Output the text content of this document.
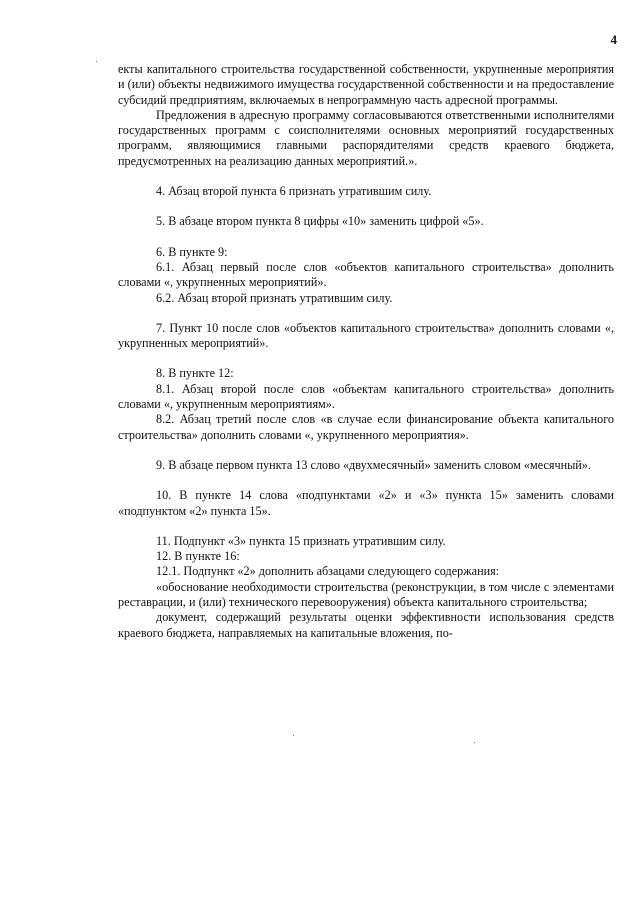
4

екты капитального строительства государственной собственности, укрупненные мероприятия и (или) объекты недвижимого имущества государственной собственности и на предоставление субсидий предприятиям, включаемых в непрограммную часть адресной программы.

Предложения в адресную программу согласовываются ответственными исполнителями государственных программ с соисполнителями основных мероприятий государственных программ, являющимися главными распорядителями средств краевого бюджета, предусмотренных на реализацию данных мероприятий.».

4. Абзац второй пункта 6 признать утратившим силу.

5. В абзаце втором пункта 8 цифры «10» заменить цифрой «5».

6. В пункте 9:

6.1. Абзац первый после слов «объектов капитального строительства» дополнить словами «, укрупненных мероприятий».

6.2. Абзац второй признать утратившим силу.

7. Пункт 10 после слов «объектов капитального строительства» дополнить словами «, укрупненных мероприятий».

8. В пункте 12:

8.1. Абзац второй после слов «объектам капитального строительства» дополнить словами «, укрупненным мероприятиям».

8.2. Абзац третий после слов «в случае если финансирование объекта капитального строительства» дополнить словами «, укрупненного мероприятия».

9. В абзаце первом пункта 13 слово «двухмесячный» заменить словом «месячный».

10. В пункте 14 слова «подпунктами «2» и «3» пункта 15» заменить словами «подпунктом «2» пункта 15».

11. Подпункт «3» пункта 15 признать утратившим силу.

12. В пункте 16:

12.1. Подпункт «2» дополнить абзацами следующего содержания:

«обоснование необходимости строительства (реконструкции, в том числе с элементами реставрации, и (или) технического перевооружения) объекта капитального строительства;

документ, содержащий результаты оценки эффективности использования средств краевого бюджета, направляемых на капитальные вложения, по-
